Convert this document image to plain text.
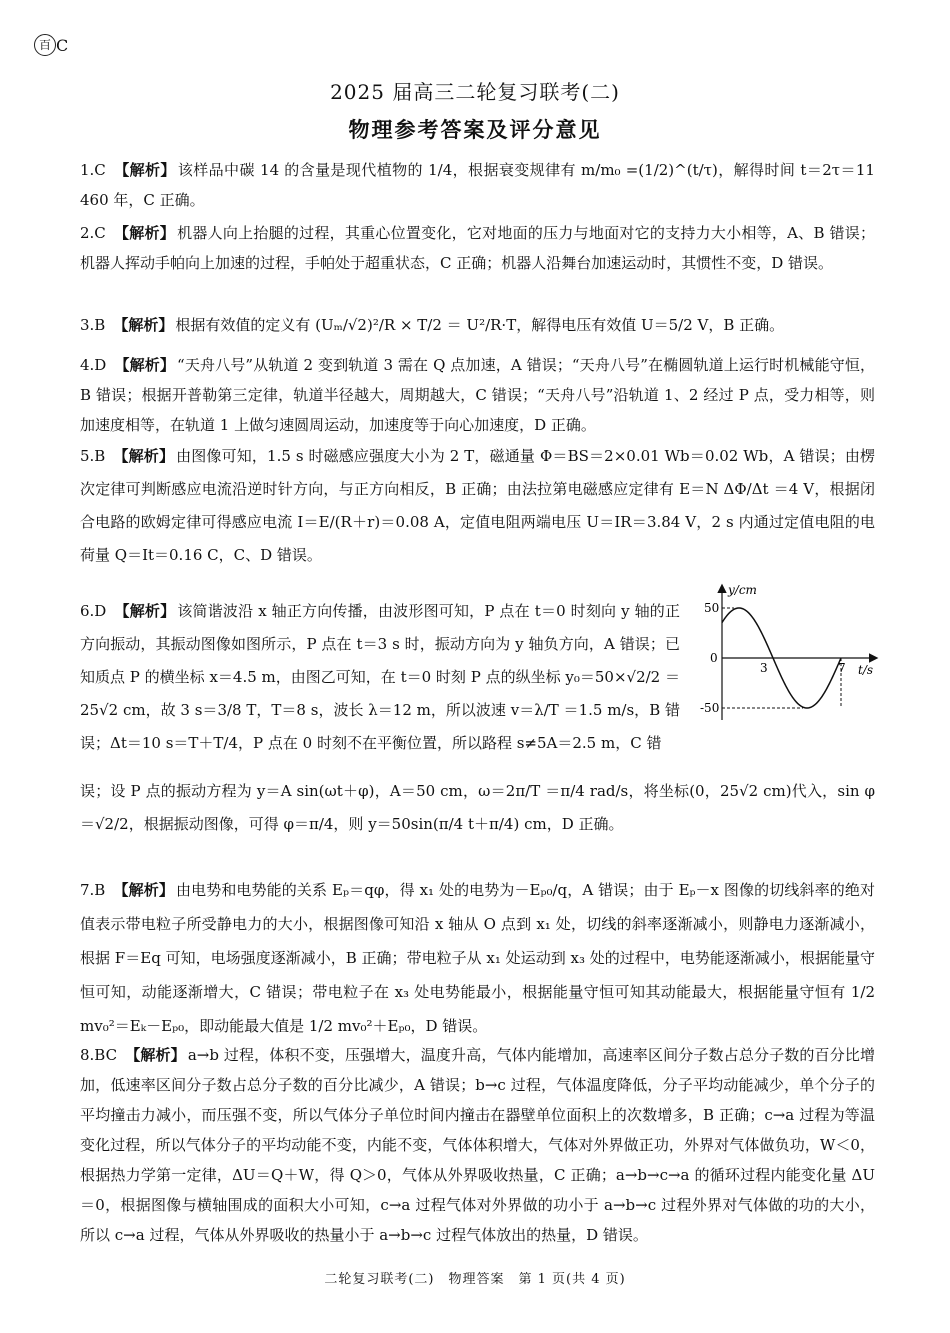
百 C
2025 届高三二轮复习联考(二)
物理参考答案及评分意见

1.C 【解析】 该样品中碳 14 的含量是现代植物的 1/4，根据衰变规律有 m/m₀ =(1/2)^(t/τ)，解得时间 t＝2τ＝11 460 年，C 正确。

2.C 【解析】 机器人向上抬腿的过程，其重心位置变化，它对地面的压力与地面对它的支持力大小相等，A、B 错误；机器人挥动手帕向上加速的过程，手帕处于超重状态，C 正确；机器人沿舞台加速运动时，其惯性不变，D 错误。

3.B 【解析】 根据有效值的定义有 (Uₘ/√2)²/R × T/2 ＝ U²/R·T，解得电压有效值 U＝5/2 V，B 正确。

4.D 【解析】 “天舟八号”从轨道 2 变到轨道 3 需在 Q 点加速，A 错误；“天舟八号”在椭圆轨道上运行时机械能守恒，B 错误；根据开普勒第三定律，轨道半径越大，周期越大，C 错误；“天舟八号”沿轨道 1、2 经过 P 点，受力相等，则加速度相等，在轨道 1 上做匀速圆周运动，加速度等于向心加速度，D 正确。

5.B 【解析】 由图像可知，1.5 s 时磁感应强度大小为 2 T，磁通量 Φ＝BS＝2×0.01 Wb＝0.02 Wb，A 错误；由楞次定律可判断感应电流沿逆时针方向，与正方向相反，B 正确；由法拉第电磁感应定律有 E＝N ΔΦ/Δt ＝4 V，根据闭合电路的欧姆定律可得感应电流 I＝E/(R＋r)＝0.08 A，定值电阻两端电压 U＝IR＝3.84 V，2 s 内通过定值电阻的电荷量 Q＝It＝0.16 C，C、D 错误。

6.D 【解析】 该简谐波沿 x 轴正方向传播，由波形图可知，P 点在 t＝0 时刻向 y 轴的正方向振动，其振动图像如图所示，P 点在 t＝3 s 时，振动方向为 y 轴负方向，A 错误；已知质点 P 的横坐标 x＝4.5 m，由图乙可知，在 t＝0 时刻 P 点的纵坐标 y₀＝50×√2/2 ＝25√2 cm，故 3 s＝3/8 T，T＝8 s，波长 λ＝12 m，所以波速 v＝λ/T ＝1.5 m/s，B 错误；Δt＝10 s＝T＋T/4，P 点在 0 时刻不在平衡位置，所以路程 s≠5A＝2.5 m，C 错

误；设 P 点的振动方程为 y＝A sin(ωt＋φ)，A＝50 cm，ω＝2π/T ＝π/4 rad/s，将坐标(0，25√2 cm)代入，sin φ＝√2/2，根据振动图像，可得 φ＝π/4，则 y＝50sin(π/4 t＋π/4) cm，D 正确。

y/cm
t/s
50
0
-50
3	7

7.B 【解析】 由电势和电势能的关系 Eₚ＝qφ，得 x₁ 处的电势为－Eₚ₀/q，A 错误；由于 Eₚ－x 图像的切线斜率的绝对值表示带电粒子所受静电力的大小，根据图像可知沿 x 轴从 O 点到 x₁ 处，切线的斜率逐渐减小，则静电力逐渐减小，根据 F＝Eq 可知，电场强度逐渐减小，B 正确；带电粒子从 x₁ 处运动到 x₃ 处的过程中，电势能逐渐减小，根据能量守恒可知，动能逐渐增大，C 错误；带电粒子在 x₃ 处电势能最小，根据能量守恒可知其动能最大，根据能量守恒有 1/2 mv₀²＝Eₖ－Eₚ₀，即动能最大值是 1/2 mv₀²＋Eₚ₀，D 错误。

8.BC 【解析】 a→b 过程，体积不变，压强增大，温度升高，气体内能增加，高速率区间分子数占总分子数的百分比增加，低速率区间分子数占总分子数的百分比减少，A 错误；b→c 过程，气体温度降低，分子平均动能减少，单个分子的平均撞击力减小，而压强不变，所以气体分子单位时间内撞击在器壁单位面积上的次数增多，B 正确；c→a 过程为等温变化过程，所以气体分子的平均动能不变，内能不变，气体体积增大，气体对外界做正功，外界对气体做负功，W＜0，根据热力学第一定律，ΔU＝Q＋W，得 Q＞0，气体从外界吸收热量，C 正确；a→b→c→a 的循环过程内能变化量 ΔU＝0，根据图像与横轴围成的面积大小可知，c→a 过程气体对外界做的功小于 a→b→c 过程外界对气体做的功的大小，所以 c→a 过程，气体从外界吸收的热量小于 a→b→c 过程气体放出的热量，D 错误。

二轮复习联考(二)　物理答案　第 1 页(共 4 页)
